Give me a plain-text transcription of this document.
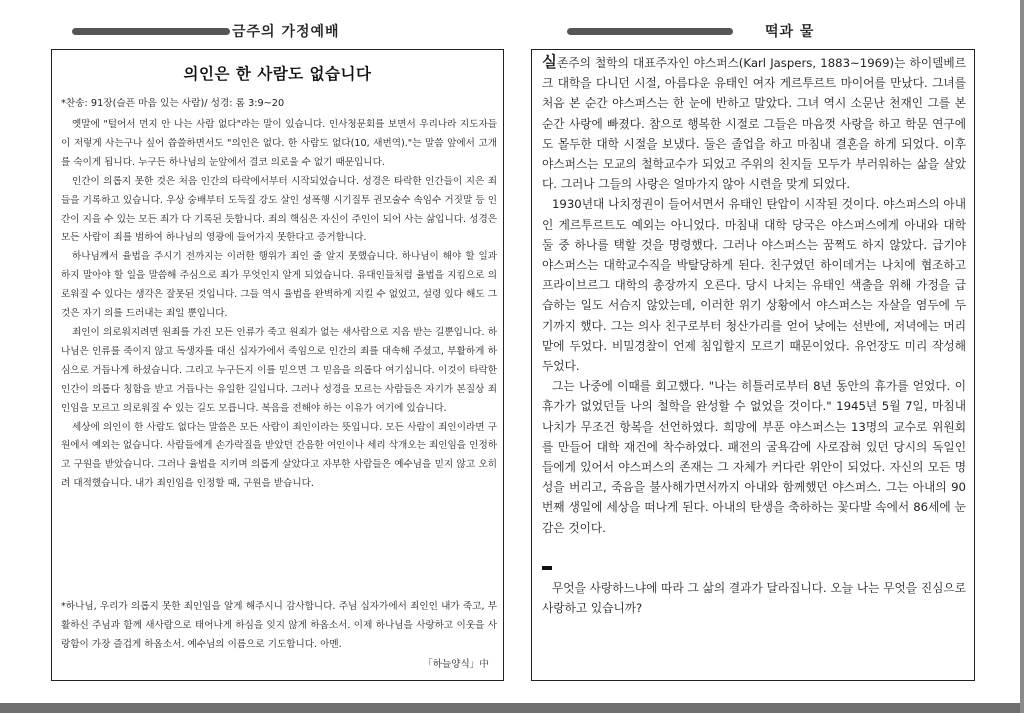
금주의 가정예배	떡과 물
의인은 한 사람도 없습니다
*찬송: 91장(슬픈 마음 있는 사람)/ 성경: 롬 3:9~20

옛말에 "털어서 먼지 안 나는 사람 없다"라는 말이 있습니다. 인사청문회를 보면서 우리나라 지도자들이 저렇게 사는구나 싶어 씁쓸하면서도 "의인은 없다. 한 사람도 없다(10, 새번역)."는 말씀 앞에서 고개를 숙이게 됩니다. 누구든 하나님의 눈앞에서 결코 의로울 수 없기 때문입니다.

인간이 의롭지 못한 것은 처음 인간의 타락에서부터 시작되었습니다. 성경은 타락한 인간들이 지은 죄들을 기록하고 있습니다. 우상 숭배부터 도둑질 강도 살인 성폭행 시기질투 권모술수 속임수 거짓말 등 인간이 지을 수 있는 모든 죄가 다 기록된 듯합니다. 죄의 핵심은 자신이 주인이 되어 사는 삶입니다. 성경은 모든 사람이 죄를 범하여 하나님의 영광에 들어가지 못한다고 증거합니다.

하나님께서 율법을 주시기 전까지는 이러한 행위가 죄인 줄 알지 못했습니다. 하나님이 해야 할 일과 하지 말아야 할 일을 말씀해 주심으로 죄가 무엇인지 알게 되었습니다. 유대인들처럼 율법을 지킴으로 의로워질 수 있다는 생각은 잘못된 것입니다. 그들 역시 율법을 완벽하게 지킬 수 없었고, 설령 있다 해도 그것은 자기 의를 드러내는 죄일 뿐입니다.

죄인이 의로워지려면 원죄를 가진 모든 인류가 죽고 원죄가 없는 새사람으로 지음 받는 길뿐입니다. 하나님은 인류를 죽이지 않고 독생자를 대신 십자가에서 죽임으로 인간의 죄를 대속해 주셨고, 부활하게 하심으로 거듭나게 하셨습니다. 그리고 누구든지 이를 믿으면 그 믿음을 의롭다 여기십니다. 이것이 타락한 인간이 의롭다 칭함을 받고 거듭나는 유일한 길입니다. 그러나 성경을 모르는 사람들은 자기가 본질상 죄인임을 모르고 의로워질 수 있는 길도 모릅니다. 복음을 전해야 하는 이유가 여기에 있습니다.

세상에 의인이 한 사람도 없다는 말씀은 모든 사람이 죄인이라는 뜻입니다. 모든 사람이 죄인이라면 구원에서 예외는 없습니다. 사람들에게 손가락질을 받았던 간음한 여인이나 세리 삭개오는 죄인임을 인정하고 구원을 받았습니다. 그러나 율법을 지키며 의롭게 살았다고 자부한 사람들은 예수님을 믿지 않고 오히려 대적했습니다. 내가 죄인임을 인정할 때, 구원을 받습니다.

*하나님, 우리가 의롭지 못한 죄인임을 알게 해주시니 감사합니다. 주님 십자가에서 죄인인 내가 죽고, 부활하신 주님과 함께 새사람으로 태어나게 하심을 잊지 않게 하옵소서. 이제 하나님을 사랑하고 이웃을 사랑함이 가장 즐겁게 하옵소서. 예수님의 이름으로 기도합니다. 아멘.

「하늘양식」中

실존주의 철학의 대표주자인 야스퍼스(Karl Jaspers, 1883~1969)는 하이델베르크 대학을 다니던 시절, 아름다운 유태인 여자 게르투르트 마이어를 만났다. 그녀를 처음 본 순간 야스퍼스는 한 눈에 반하고 말았다. 그녀 역시 소문난 천재인 그를 본 순간 사랑에 빠졌다. 참으로 행복한 시절로 그들은 마음껏 사랑을 하고 학문 연구에도 몰두한 대학 시절을 보냈다. 둘은 졸업을 하고 마침내 결혼을 하게 되었다. 이후 야스퍼스는 모교의 철학교수가 되었고 주위의 친지들 모두가 부러워하는 삶을 살았다. 그러나 그들의 사랑은 얼마가지 않아 시련을 맞게 되었다.

1930년대 나치정권이 들어서면서 유태인 탄압이 시작된 것이다. 야스퍼스의 아내인 게르투르트도 예외는 아니었다. 마침내 대학 당국은 야스퍼스에게 아내와 대학 둘 중 하나를 택할 것을 명령했다. 그러나 야스퍼스는 꿈쩍도 하지 않았다. 급기야 야스퍼스는 대학교수직을 박탈당하게 된다. 친구였던 하이데거는 나치에 협조하고 프라이브르그 대학의 총장까지 오른다. 당시 나치는 유태인 색출을 위해 가정을 급습하는 일도 서슴지 않았는데, 이러한 위기 상황에서 야스퍼스는 자살을 염두에 두기까지 했다. 그는 의사 친구로부터 청산가리를 얻어 낮에는 선반에, 저녁에는 머리맡에 두었다. 비밀경찰이 언제 침입할지 모르기 때문이었다. 유언장도 미리 작성해두었다.

그는 나중에 이때를 회고했다. "나는 히틀러로부터 8년 동안의 휴가를 얻었다. 이 휴가가 없었던들 나의 철학을 완성할 수 없었을 것이다." 1945년 5월 7일, 마침내 나치가 무조건 항복을 선언하였다. 희망에 부푼 야스퍼스는 13명의 교수로 위원회를 만들어 대학 재건에 착수하였다. 패전의 굴욕감에 사로잡혀 있던 당시의 독일인들에게 있어서 야스퍼스의 존재는 그 자체가 커다란 위안이 되었다. 자신의 모든 명성을 버리고, 죽음을 불사해가면서까지 아내와 함께했던 야스퍼스. 그는 아내의 90번째 생일에 세상을 떠나게 된다. 아내의 탄생을 축하하는 꽃다발 속에서 86세에 눈 감은 것이다.

무엇을 사랑하느냐에 따라 그 삶의 결과가 달라집니다. 오늘 나는 무엇을 진심으로 사랑하고 있습니까?
